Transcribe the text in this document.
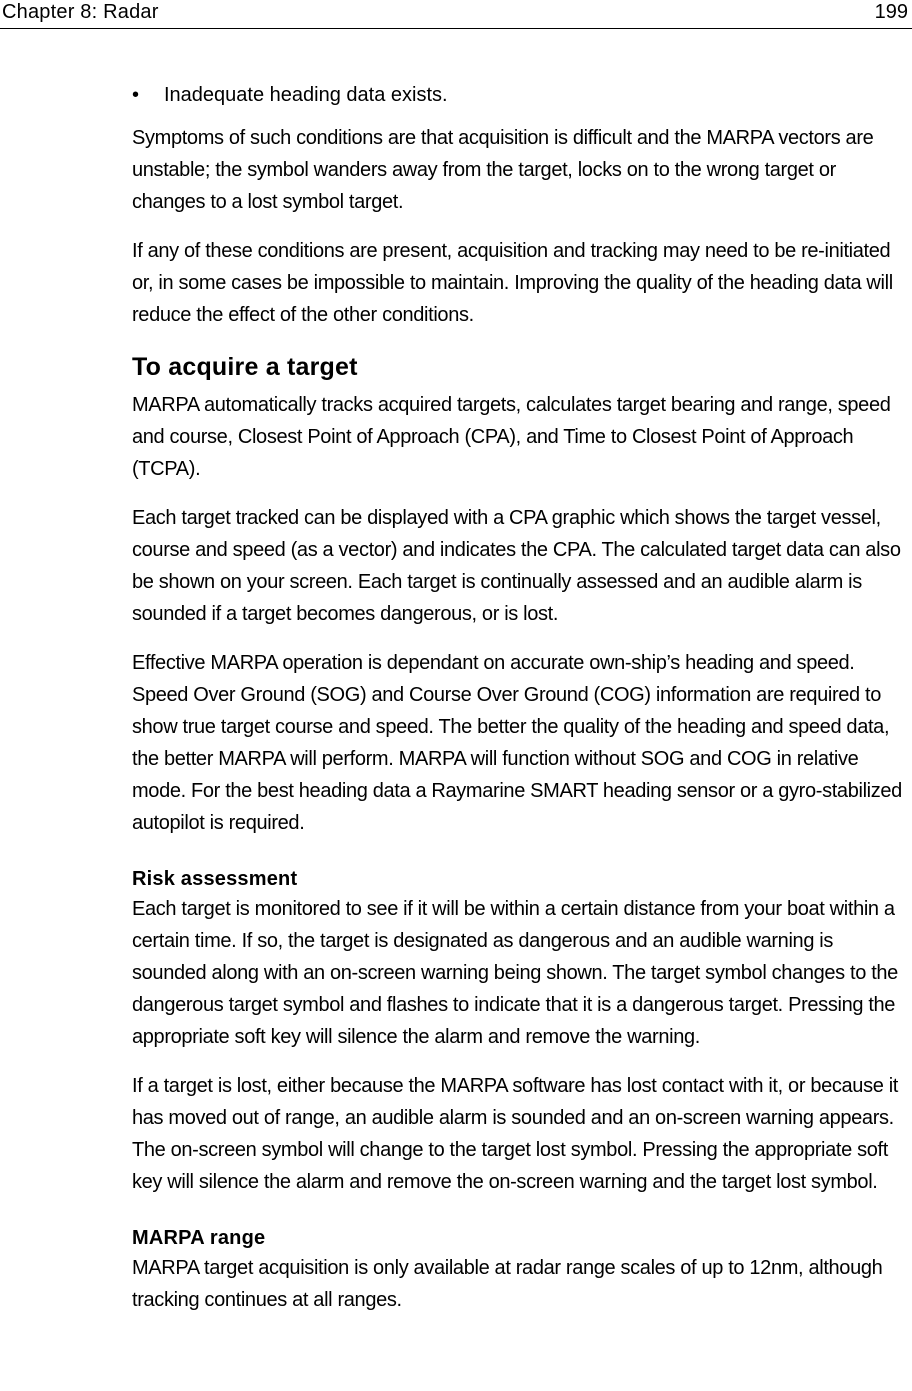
Chapter 8: Radar	199
•	Inadequate heading data exists.

Symptoms of such conditions are that acquisition is difficult and the MARPA vectors are unstable; the symbol wanders away from the target, locks on to the wrong target or changes to a lost symbol target.

If any of these conditions are present, acquisition and tracking may need to be re-initiated or, in some cases be impossible to maintain. Improving the quality of the heading data will reduce the effect of the other conditions.

To acquire a target

MARPA automatically tracks acquired targets, calculates target bearing and range, speed and course, Closest Point of Approach (CPA), and Time to Closest Point of Approach (TCPA).

Each target tracked can be displayed with a CPA graphic which shows the target vessel, course and speed (as a vector) and indicates the CPA. The calculated target data can also be shown on your screen. Each target is continually assessed and an audible alarm is sounded if a target becomes dangerous, or is lost.

Effective MARPA operation is dependant on accurate own-ship’s heading and speed. Speed Over Ground (SOG) and Course Over Ground (COG) information are required to show true target course and speed. The better the quality of the heading and speed data, the better MARPA will perform. MARPA will function without SOG and COG in relative mode. For the best heading data a Raymarine SMART heading sensor or a gyro-stabilized autopilot is required.

Risk assessment

Each target is monitored to see if it will be within a certain distance from your boat within a certain time. If so, the target is designated as dangerous and an audible warning is sounded along with an on-screen warning being shown. The target symbol changes to the dangerous target symbol and flashes to indicate that it is a dangerous target. Pressing the appropriate soft key will silence the alarm and remove the warning.

If a target is lost, either because the MARPA software has lost contact with it, or because it has moved out of range, an audible alarm is sounded and an on-screen warning appears. The on-screen symbol will change to the target lost symbol. Pressing the appropriate soft key will silence the alarm and remove the on-screen warning and the target lost symbol.

MARPA range

MARPA target acquisition is only available at radar range scales of up to 12nm, although tracking continues at all ranges.
